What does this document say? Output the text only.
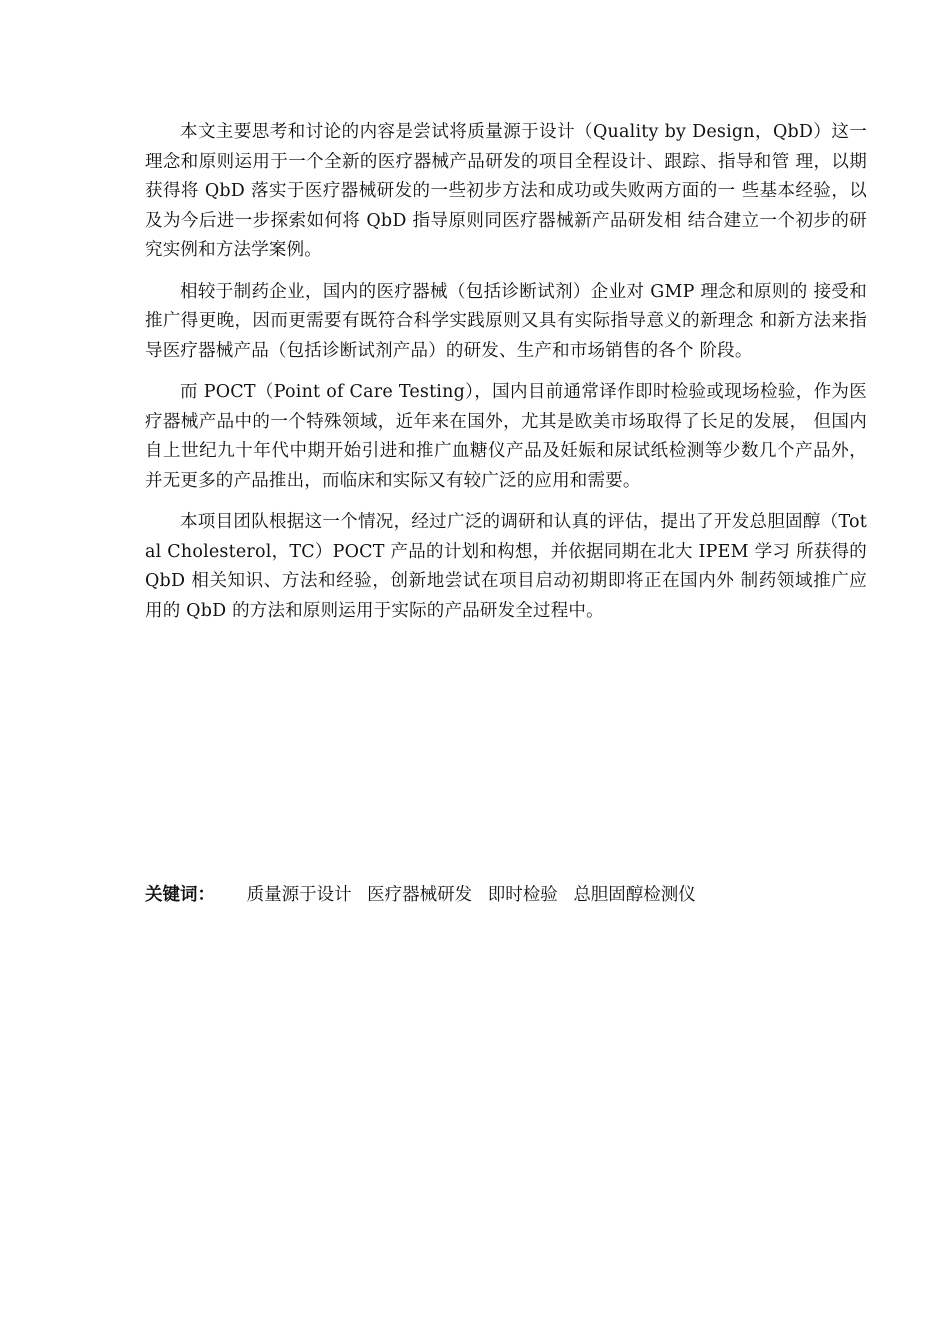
本文主要思考和讨论的内容是尝试将质量源于设计（Quality by Design，QbD）这一理念和原则运用于一个全新的医疗器械产品研发的项目全程设计、跟踪、指导和管 理，以期获得将 QbD 落实于医疗器械研发的一些初步方法和成功或失败两方面的一 些基本经验，以及为今后进一步探索如何将 QbD 指导原则同医疗器械新产品研发相 结合建立一个初步的研究实例和方法学案例。

相较于制药企业，国内的医疗器械（包括诊断试剂）企业对 GMP 理念和原则的 接受和推广得更晚，因而更需要有既符合科学实践原则又具有实际指导意义的新理念 和新方法来指导医疗器械产品（包括诊断试剂产品）的研发、生产和市场销售的各个 阶段。

而 POCT（Point of Care Testing），国内目前通常译作即时检验或现场检验，作为医疗器械产品中的一个特殊领域，近年来在国外，尤其是欧美市场取得了长足的发展， 但国内自上世纪九十年代中期开始引进和推广血糖仪产品及妊娠和尿试纸检测等少数几个产品外，并无更多的产品推出，而临床和实际又有较广泛的应用和需要。

本项目团队根据这一个情况，经过广泛的调研和认真的评估，提出了开发总胆固醇（Total Cholesterol，TC）POCT 产品的计划和构想，并依据同期在北大 IPEM 学习 所获得的 QbD 相关知识、方法和经验，创新地尝试在项目启动初期即将正在国内外 制药领域推广应用的 QbD 的方法和原则运用于实际的产品研发全过程中。

关键词： 质量源于设计 医疗器械研发 即时检验 总胆固醇检测仪
